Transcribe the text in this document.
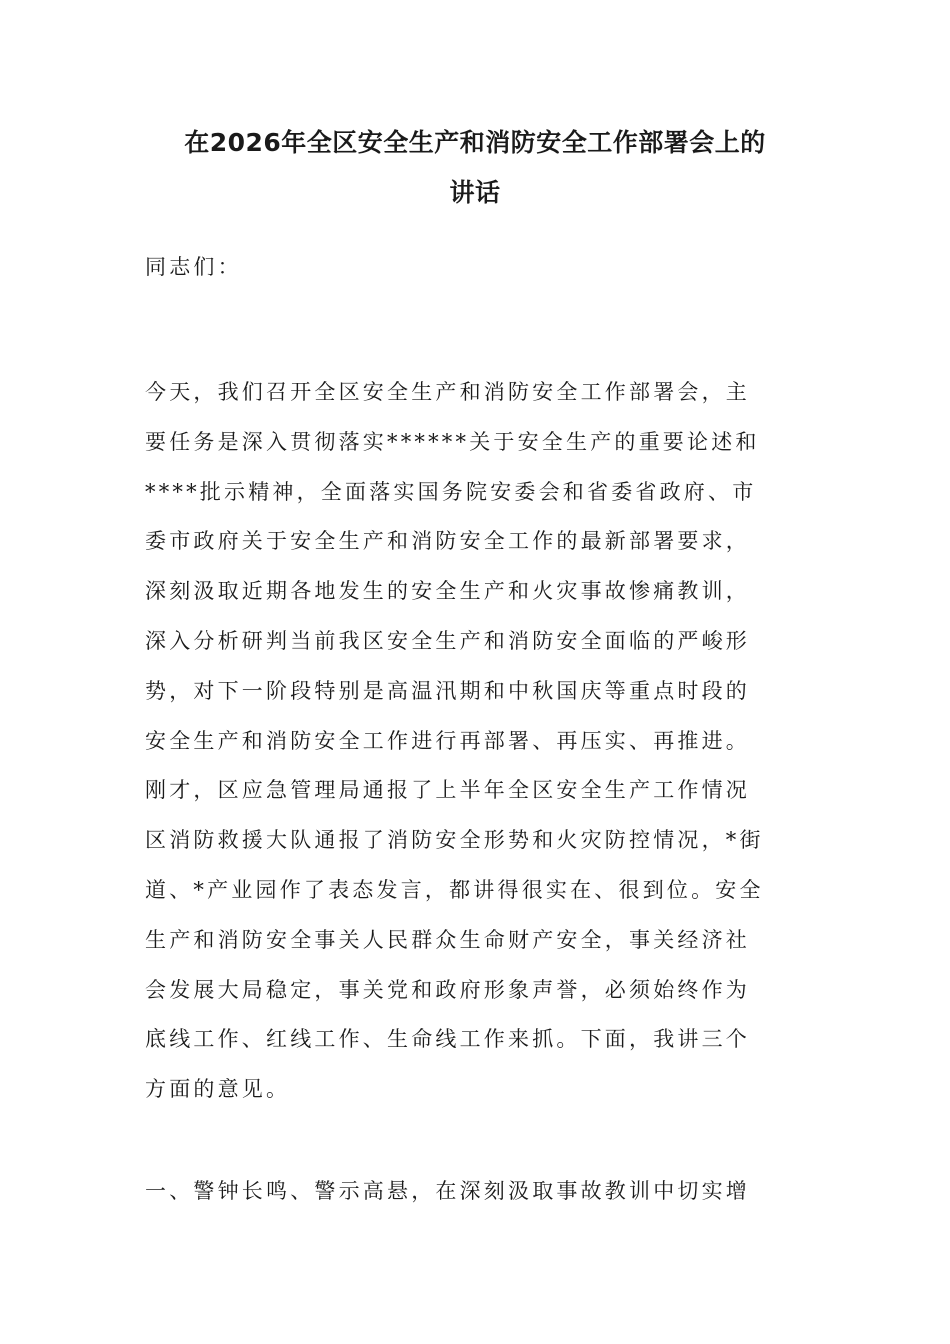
在2026年全区安全生产和消防安全工作部署会上的
讲话

同志们：

今天，我们召开全区安全生产和消防安全工作部署会，主
要任务是深入贯彻落实******关于安全生产的重要论述和
****批示精神，全面落实国务院安委会和省委省政府、市
委市政府关于安全生产和消防安全工作的最新部署要求，
深刻汲取近期各地发生的安全生产和火灾事故惨痛教训，
深入分析研判当前我区安全生产和消防安全面临的严峻形
势，对下一阶段特别是高温汛期和中秋国庆等重点时段的
安全生产和消防安全工作进行再部署、再压实、再推进。
刚才，区应急管理局通报了上半年全区安全生产工作情况
区消防救援大队通报了消防安全形势和火灾防控情况，*街
道、*产业园作了表态发言，都讲得很实在、很到位。安全
生产和消防安全事关人民群众生命财产安全，事关经济社
会发展大局稳定，事关党和政府形象声誉，必须始终作为
底线工作、红线工作、生命线工作来抓。下面，我讲三个
方面的意见。

一、警钟长鸣、警示高悬，在深刻汲取事故教训中切实增
